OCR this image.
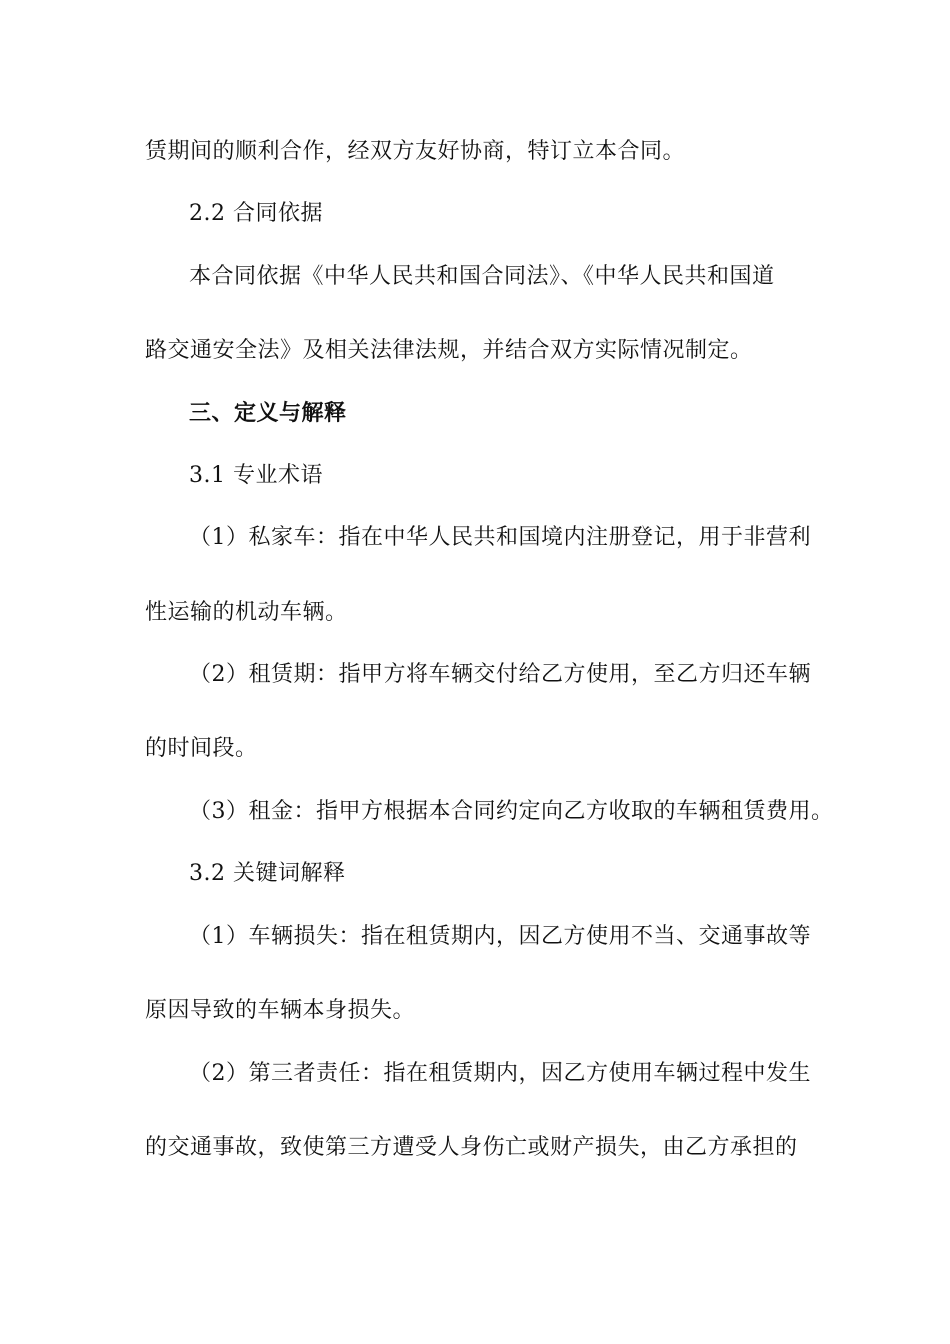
赁期间的顺利合作，经双方友好协商，特订立本合同。
2.2 合同依据
本合同依据《中华人民共和国合同法》、《中华人民共和国道
路交通安全法》及相关法律法规，并结合双方实际情况制定。
三、定义与解释
3.1 专业术语
（1）私家车：指在中华人民共和国境内注册登记，用于非营利
性运输的机动车辆。
（2）租赁期：指甲方将车辆交付给乙方使用，至乙方归还车辆
的时间段。
（3）租金：指甲方根据本合同约定向乙方收取的车辆租赁费用。
3.2 关键词解释
（1）车辆损失：指在租赁期内，因乙方使用不当、交通事故等
原因导致的车辆本身损失。
（2）第三者责任：指在租赁期内，因乙方使用车辆过程中发生
的交通事故，致使第三方遭受人身伤亡或财产损失，由乙方承担的
